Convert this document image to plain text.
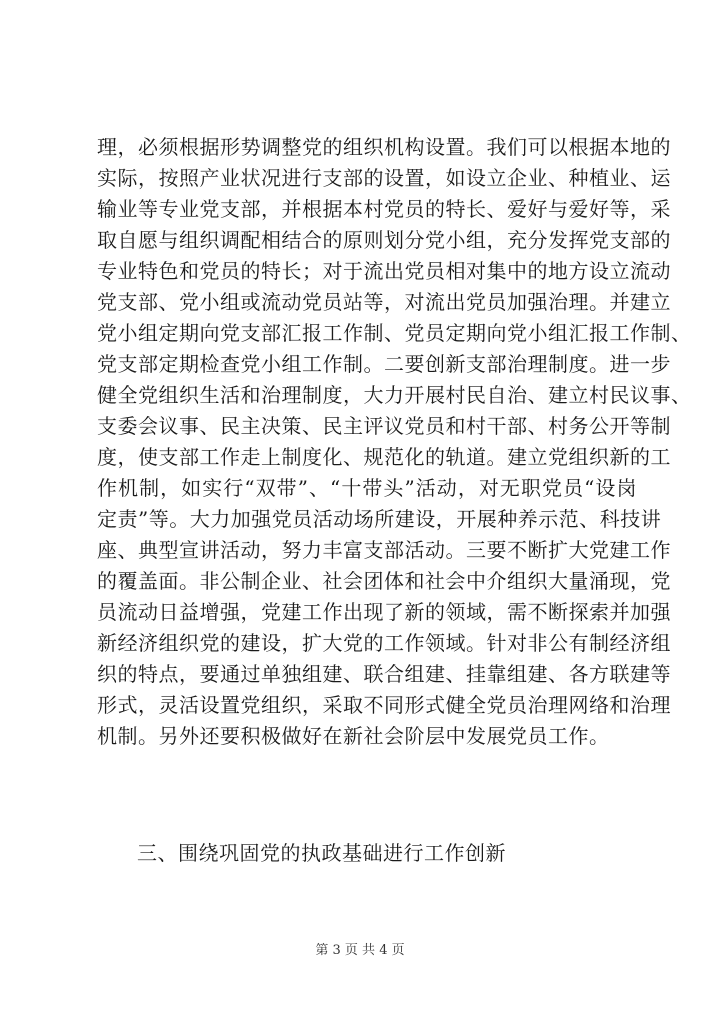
理 ， 必 须 根 据 形 势 调 整 党 的 组 织 机 构 设 置 。 我 们 可 以 根 据 本 地 的
实 际 ， 按 照 产 业 状 况 进 行 支 部 的 设 置 ， 如 设 立 企 业 、 种 植 业 、 运
输 业 等 专 业 党 支 部 ， 并 根 据 本 村 党 员 的 特 长 、 爱 好 与 爱 好 等 ， 采
取 自 愿 与 组 织 调 配 相 结 合 的 原 则 划 分 党 小 组 ， 充 分 发 挥 党 支 部 的
专 业 特 色 和 党 员 的 特 长 ； 对 于 流 出 党 员 相 对 集 中 的 地 方 设 立 流 动
党 支 部 、 党 小 组 或 流 动 党 员 站 等 ， 对 流 出 党 员 加 强 治 理 。 并 建 立
党 小 组 定 期 向 党 支 部 汇 报 工 作 制 、 党 员 定 期 向 党 小 组 汇 报 工 作 制 、
党 支 部 定 期 检 查 党 小 组 工 作 制 。 二 要 创 新 支 部 治 理 制 度 。 进 一 步
健 全 党 组 织 生 活 和 治 理 制 度 ， 大 力 开 展 村 民 自 治 、 建 立 村 民 议 事 、
支 委 会 议 事 、 民 主 决 策 、 民 主 评 议 党 员 和 村 干 部 、 村 务 公 开 等 制
度 ， 使 支 部 工 作 走 上 制 度 化 、 规 范 化 的 轨 道 。 建 立 党 组 织 新 的 工
作 机 制 ， 如 实 行 “ 双 带 ” 、 “ 十 带 头 ” 活 动 ， 对 无 职 党 员 “ 设 岗
定 责 ” 等 。 大 力 加 强 党 员 活 动 场 所 建 设 ， 开 展 种 养 示 范 、 科 技 讲
座 、 典 型 宣 讲 活 动 ， 努 力 丰 富 支 部 活 动 。 三 要 不 断 扩 大 党 建 工 作
的 覆 盖 面 。 非 公 制 企 业 、 社 会 团 体 和 社 会 中 介 组 织 大 量 涌 现 ， 党
员 流 动 日 益 增 强 ， 党 建 工 作 出 现 了 新 的 领 域 ， 需 不 断 探 索 并 加 强
新 经 济 组 织 党 的 建 设 ， 扩 大 党 的 工 作 领 域 。 针 对 非 公 有 制 经 济 组
织 的 特 点 ， 要 通 过 单 独 组 建 、 联 合 组 建 、 挂 靠 组 建 、 各 方 联 建 等
形 式 ， 灵 活 设 置 党 组 织 ， 采 取 不 同 形 式 健 全 党 员 治 理 网 络 和 治 理
机制。另外还要积极做好在新社会阶层中发展党员工作。
三、围绕巩固党的执政基础进行工作创新
第 3 页 共 4 页
